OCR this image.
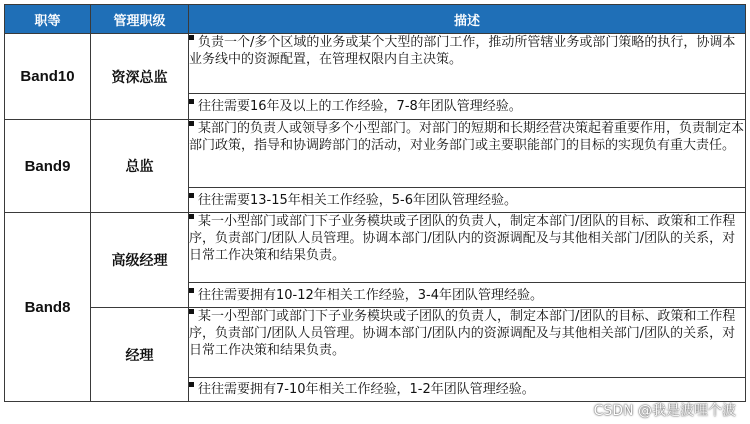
职等	管理职级	描述
Band10	资深总监	负责一个/多个区域的业务或某个大型的部门工作，推动所管辖业务或部门策略的执行，协调本业务线中的资源配置，在管理权限内自主决策。
		往往需要16年及以上的工作经验，7-8年团队管理经验。
Band9	总监	某部门的负责人或领导多个小型部门。对部门的短期和长期经营决策起着重要作用，负责制定本部门政策，指导和协调跨部门的活动，对业务部门或主要职能部门的目标的实现负有重大责任。
		往往需要13-15年相关工作经验，5-6年团队管理经验。
Band8	高级经理	某一小型部门或部门下子业务模块或子团队的负责人，制定本部门/团队的目标、政策和工作程序，负责部门/团队人员管理。协调本部门/团队内的资源调配及与其他相关部门/团队的关系，对日常工作决策和结果负责。
		往往需要拥有10-12年相关工作经验，3-4年团队管理经验。
	经理	某一小型部门或部门下子业务模块或子团队的负责人，制定本部门/团队的目标、政策和工作程序，负责部门/团队人员管理。协调本部门/团队内的资源调配及与其他相关部门/团队的关系，对日常工作决策和结果负责。
		往往需要拥有7-10年相关工作经验，1-2年团队管理经验。
CSDN @我是波哩个波
